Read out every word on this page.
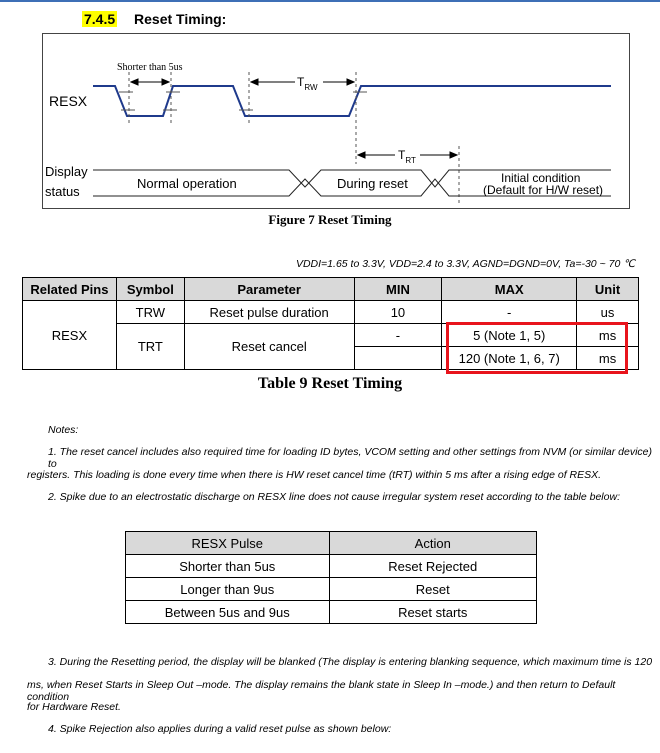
7.4.5 Reset Timing:
RESX
Shorter than 5us
$T_{RW}$
$T_{RT}$
Display
status
Normal operation	During reset	Initial condition
(Default for H/W reset)
Figure 7 Reset Timing
VDDI=1.65 to 3.3V, VDD=2.4 to 3.3V, AGND=DGND=0V, Ta=-30 ~ 70 ℃
Related Pins	Symbol	Parameter	MIN	MAX	Unit
RESX	TRW	Reset pulse duration	10	-	us
	TRT	Reset cancel	-	5 (Note 1, 5)	ms
				120 (Note 1, 6, 7)	ms
Table 9 Reset Timing

Notes:

1. The reset cancel includes also required time for loading ID bytes, VCOM setting and other settings from NVM (or similar device) to

registers. This loading is done every time when there is HW reset cancel time (tRT) within 5 ms after a rising edge of RESX.

2. Spike due to an electrostatic discharge on RESX line does not cause irregular system reset according to the table below:

3. During the Resetting period, the display will be blanked (The display is entering blanking sequence, which maximum time is 120

ms, when Reset Starts in Sleep Out –mode. The display remains the blank state in Sleep In –mode.) and then return to Default condition

for Hardware Reset.

4. Spike Rejection also applies during a valid reset pulse as shown below:

RESX Pulse	Action
Shorter than 5us	Reset Rejected
Longer than 9us	Reset
Between 5us and 9us	Reset starts
